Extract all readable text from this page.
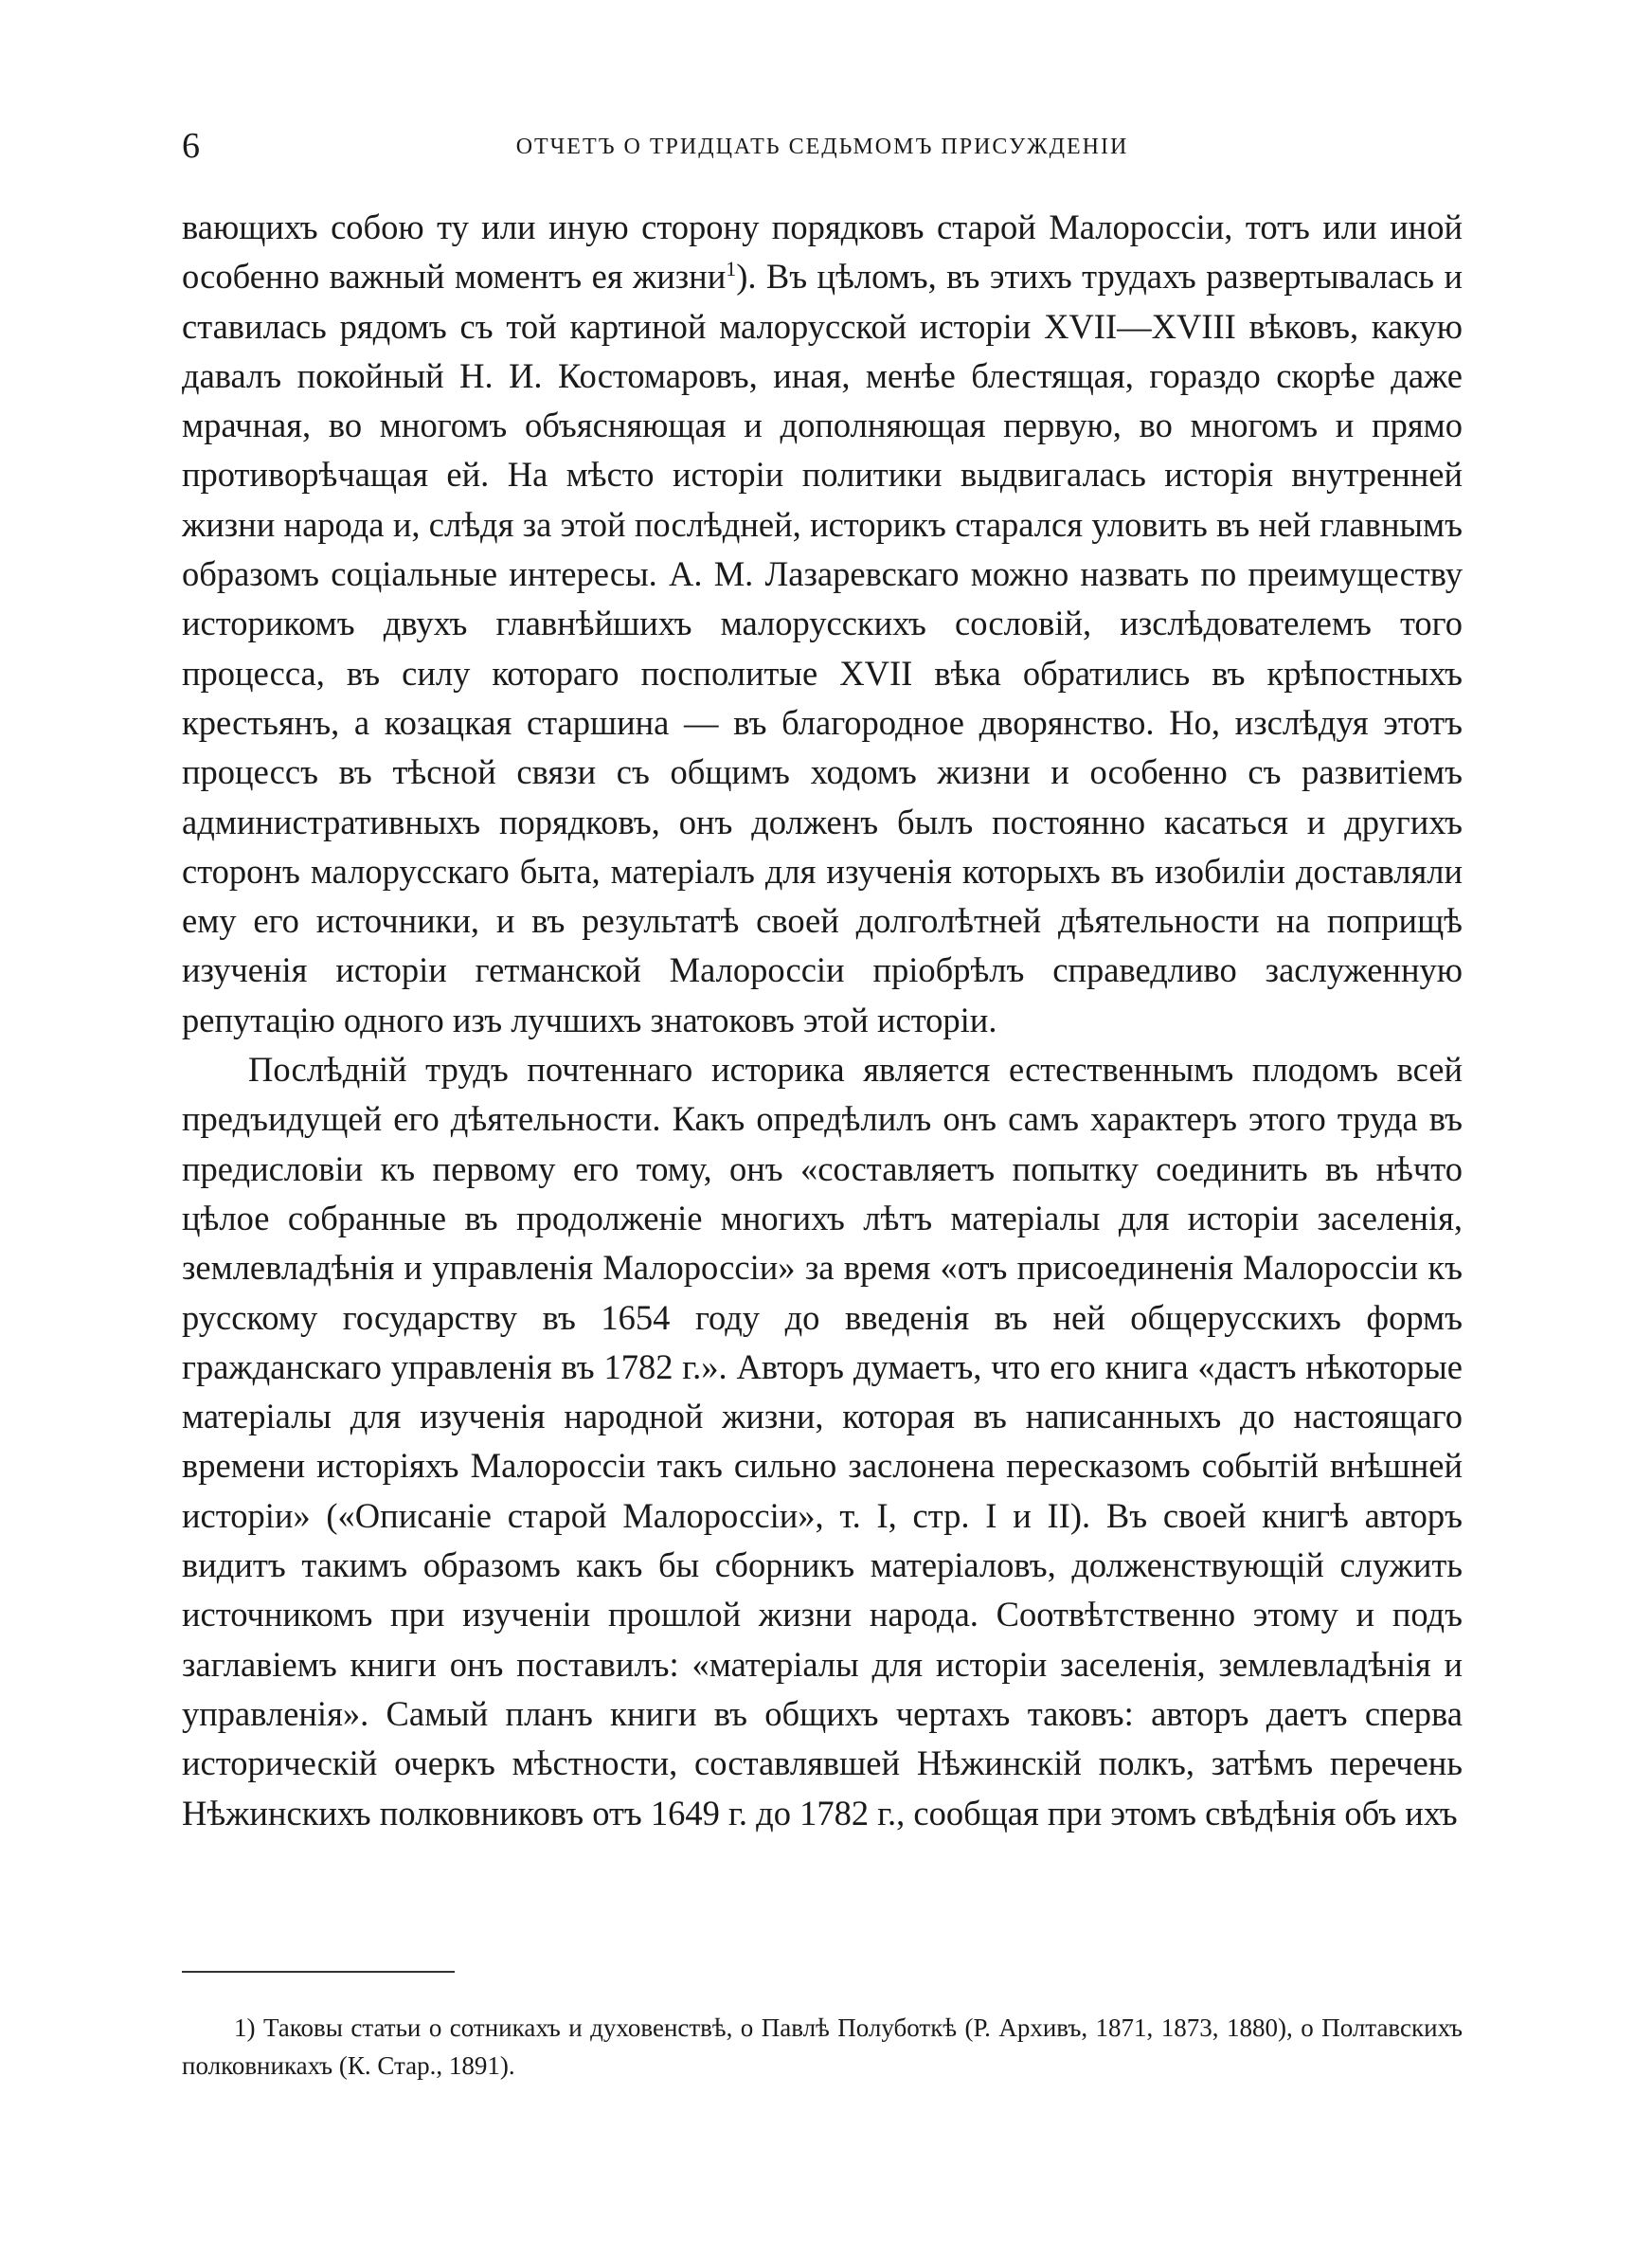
6	ОТЧЕТЪ О ТРИДЦАТЬ СЕДЬМОМЪ ПРИСУЖДЕНІИ

вающихъ собою ту или иную сторону порядковъ старой Малороссіи, тотъ или иной особенно важный моментъ ея жизни$^1$). Въ цѣломъ, въ этихъ трудахъ развертывалась и ставилась рядомъ съ той картиной малорусской исторіи XVII—XVIII вѣковъ, какую давалъ покойный Н. И. Костомаровъ, иная, менѣе блестящая, гораздо скорѣе даже мрачная, во многомъ объясняющая и дополняющая первую, во многомъ и прямо противорѣчащая ей. На мѣсто исторіи политики выдвигалась исторія внутренней жизни народа и, слѣдя за этой послѣдней, историкъ старался уловить въ ней главнымъ образомъ соціальные интересы. А. М. Лазаревскаго можно назвать по преимуществу историкомъ двухъ главнѣйшихъ малорусскихъ сословій, изслѣдователемъ того процесса, въ силу котораго посполитые XVII вѣка обратились въ крѣпостныхъ крестьянъ, а козацкая старшина — въ благородное дворянство. Но, изслѣдуя этотъ процессъ въ тѣсной связи съ общимъ ходомъ жизни и особенно съ развитіемъ административныхъ порядковъ, онъ долженъ былъ постоянно касаться и другихъ сторонъ малорусскаго быта, матеріалъ для изученія которыхъ въ изобиліи доставляли ему его источники, и въ результатѣ своей долголѣтней дѣятельности на поприщѣ изученія исторіи гетманской Малороссіи пріобрѣлъ справедливо заслуженную репутацію одного изъ лучшихъ знатоковъ этой исторіи.

Послѣдній трудъ почтеннаго историка является естественнымъ плодомъ всей предъидущей его дѣятельности. Какъ опредѣлилъ онъ самъ характеръ этого труда въ предисловіи къ первому его тому, онъ «составляетъ попытку соединить въ нѣчто цѣлое собранные въ продолженіе многихъ лѣтъ матеріалы для исторіи заселенія, землевладѣнія и управленія Малороссіи» за время «отъ присоединенія Малороссіи къ русскому государству въ 1654 году до введенія въ ней общерусскихъ формъ гражданскаго управленія въ 1782 г.». Авторъ думаетъ, что его книга «дастъ нѣкоторые матеріалы для изученія народной жизни, которая въ написанныхъ до настоящаго времени исторіяхъ Малороссіи такъ сильно заслонена пересказомъ событій внѣшней исторіи» («Описаніе старой Малороссіи», т. I, стр. I и II). Въ своей книгѣ авторъ видитъ такимъ образомъ какъ бы сборникъ матеріаловъ, долженствующій служить источникомъ при изученіи прошлой жизни народа. Соотвѣтственно этому и подъ заглавіемъ книги онъ поставилъ: «матеріалы для исторіи заселенія, землевладѣнія и управленія». Самый планъ книги въ общихъ чертахъ таковъ: авторъ даетъ сперва историческій очеркъ мѣстности, составлявшей Нѣжинскій полкъ, затѣмъ перечень Нѣжинскихъ полковниковъ отъ 1649 г. до 1782 г., сообщая при этомъ свѣдѣнія объ ихъ

1) Таковы статьи о сотникахъ и духовенствѣ, о Павлѣ Полуботкѣ (Р. Архивъ, 1871, 1873, 1880), о Полтавскихъ полковникахъ (К. Стар., 1891).
